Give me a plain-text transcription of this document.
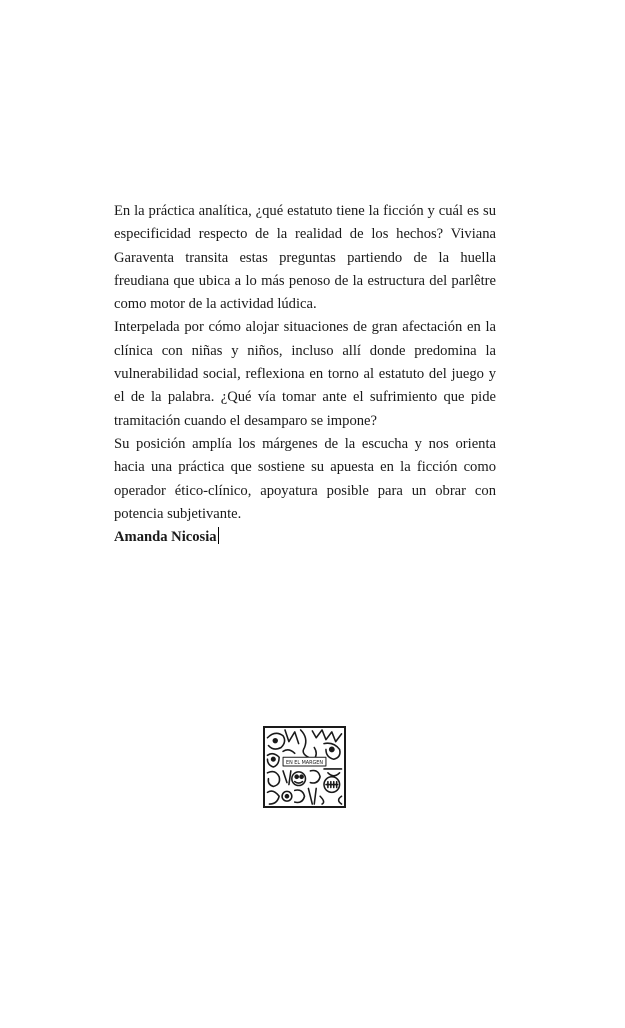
En la práctica analítica, ¿qué estatuto tiene la ficción y cuál es su especificidad respecto de la realidad de los hechos? Viviana Garaventa transita estas preguntas partiendo de la huella freudiana que ubica a lo más penoso de la estructura del parlêtre como motor de la actividad lúdica.

Interpelada por cómo alojar situaciones de gran afectación en la clínica con niñas y niños, incluso allí donde predomina la vulnerabilidad social, reflexiona en torno al estatuto del juego y el de la palabra. ¿Qué vía tomar ante el sufrimiento que pide tramitación cuando el desamparo se impone?

Su posición amplía los márgenes de la escucha y nos orienta hacia una práctica que sostiene su apuesta en la ficción como operador ético-clínico, apoyatura posible para un obrar con potencia subjetivante.

Amanda Nicosia

EN EL MARGEN
